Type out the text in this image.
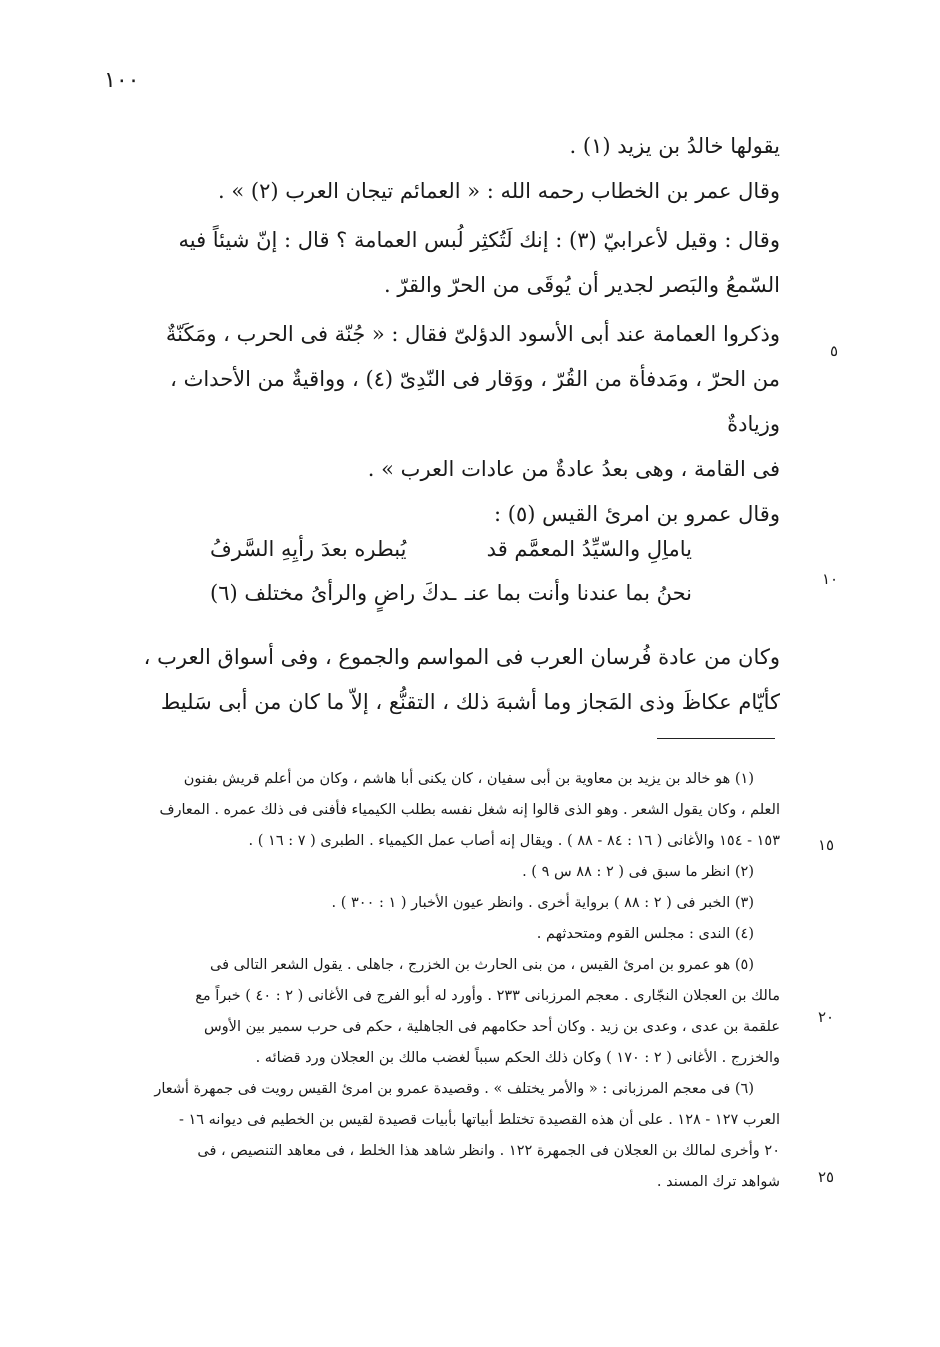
١٠٠

يقولها خالدُ بن يزيد (١) .

وقال عمر بن الخطاب رحمه الله : « العمائم تيجان العرب (٢) » .

وقال : وقيل لأعرابيّ (٣) : إنك لَتُكثِر لُبس العمامة ؟ قال : إنّ شيئاً فيه

السّمعُ والبَصر لجدير أن يُوقَى من الحرّ والقرّ .

وذكروا العمامة عند أبى الأسود الدؤلىّ فقال : « جُنّة فى الحرب ، ومَكَنّةٌ

من الحرّ ، ومَدفأة من القُرّ ، ووَقار فى النّدِىّ (٤) ، وواقيةٌ من الأحداث ، وزيادةٌ

فى القامة ، وهى بعدُ عادةٌ من عادات العرب » .

وقال عمرو بن امرئ القيس (٥) :

ياماِلِ والسّيِّدُ المعمَّم قد
يُبطره بعدَ رأيِهِ السَّرفُ
نحنُ بما عندنا وأنت بما عنـ
ـدكَ راضٍ والرأىُ مختلف (٦)

وكان من عادة فُرسان العرب فى المواسم والجموع ، وفى أسواق العرب ،

كأيّام عكاظَ وذى المَجاز وما أشبهَ ذلك ، التقنُّع ، إلاّ ما كان من أبى سَليط

٥
١٠
١٥
٢٠
٢٥

(١) هو خالد بن يزيد بن معاوية بن أبى سفيان ، كان يكنى أبا هاشم ، وكان من أعلم قريش بفنون

العلم ، وكان يقول الشعر . وهو الذى قالوا إنه شغل نفسه بطلب الكيمياء فأفنى فى ذلك عمره . المعارف

١٥٣ - ١٥٤ والأغانى ( ١٦ : ٨٤ - ٨٨ ) . ويقال إنه أصاب عمل الكيمياء . الطبرى ( ٧ : ١٦ ) .

(٢) انظر ما سبق فى ( ٢ : ٨٨ س ٩ ) .

(٣) الخبر فى ( ٢ : ٨٨ ) برواية أخرى . وانظر عيون الأخبار ( ١ : ٣٠٠ ) .

(٤) الندى : مجلس القوم ومتحدثهم .

(٥) هو عمرو بن امرئ القيس ، من بنى الحارث بن الخزرج ، جاهلى . يقول الشعر التالى فى

مالك بن العجلان النجّارى . معجم المرزبانى ٢٣٣ . وأورد له أبو الفرج فى الأغانى ( ٢ : ٤٠ ) خبراً مع

علقمة بن عدى ، وعدى بن زيد . وكان أحد حكامهم فى الجاهلية ، حكم فى حرب سمير بين الأوس

والخزرج . الأغانى ( ٢ : ١٧٠ ) وكان ذلك الحكم سبباً لغضب مالك بن العجلان ورد قضائه .

(٦) فى معجم المرزبانى : « والأمر يختلف » . وقصيدة عمرو بن امرئ القيس رويت فى جمهرة أشعار

العرب ١٢٧ - ١٢٨ . على أن هذه القصيدة تختلط أبياتها بأبيات قصيدة لقيس بن الخطيم فى ديوانه ١٦ -

٢٠ وأخرى لمالك بن العجلان فى الجمهرة ١٢٢ . وانظر شاهد هذا الخلط ، فى معاهد التنصيص ، فى

شواهد ترك المسند .
